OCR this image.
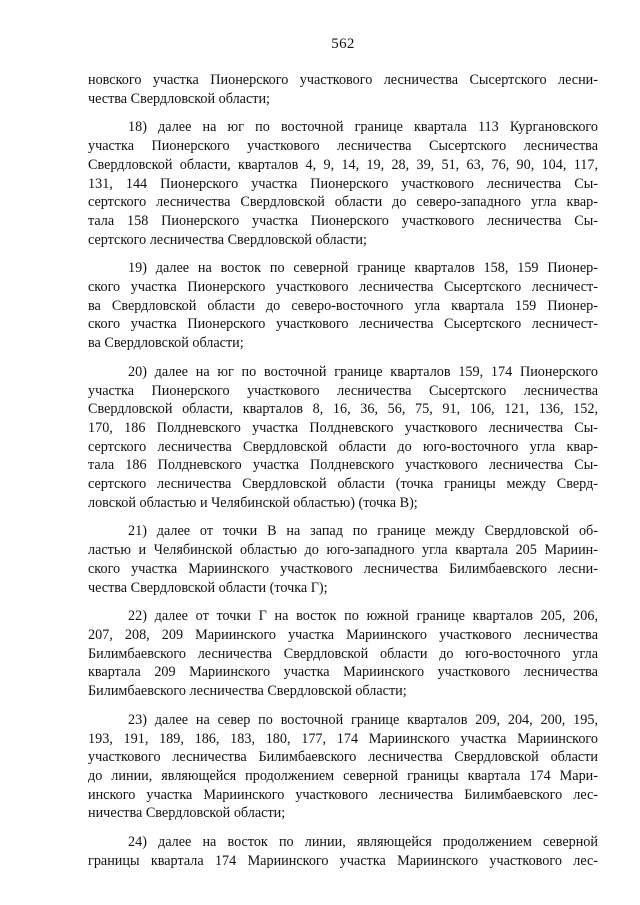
562
новского участка Пионерского участкового лесничества Сысертского лесни-
чества Свердловской области;
18) далее на юг по восточной границе квартала 113 Кургановского
участка Пионерского участкового лесничества Сысертского лесничества
Свердловской области, кварталов 4, 9, 14, 19, 28, 39, 51, 63, 76, 90, 104, 117,
131, 144 Пионерского участка Пионерского участкового лесничества Сы-
сертского лесничества Свердловской области до северо-западного угла квар-
тала 158 Пионерского участка Пионерского участкового лесничества Сы-
сертского лесничества Свердловской области;
19) далее на восток по северной границе кварталов 158, 159 Пионер-
ского участка Пионерского участкового лесничества Сысертского лесничест-
ва Свердловской области до северо-восточного угла квартала 159 Пионер-
ского участка Пионерского участкового лесничества Сысертского лесничест-
ва Свердловской области;
20) далее на юг по восточной границе кварталов 159, 174 Пионерского
участка Пионерского участкового лесничества Сысертского лесничества
Свердловской области, кварталов 8, 16, 36, 56, 75, 91, 106, 121, 136, 152,
170, 186 Полдневского участка Полдневского участкового лесничества Сы-
сертского лесничества Свердловской области до юго-восточного угла квар-
тала 186 Полдневского участка Полдневского участкового лесничества Сы-
сертского лесничества Свердловской области (точка границы между Сверд-
ловской областью и Челябинской областью) (точка В);
21) далее от точки В на запад по границе между Свердловской об-
ластью и Челябинской областью до юго-западного угла квартала 205 Мариин-
ского участка Мариинского участкового лесничества Билимбаевского лесни-
чества Свердловской области (точка Г);
22) далее от точки Г на восток по южной границе кварталов 205, 206,
207, 208, 209 Мариинского участка Мариинского участкового лесничества
Билимбаевского лесничества Свердловской области до юго-восточного угла
квартала 209 Мариинского участка Мариинского участкового лесничества
Билимбаевского лесничества Свердловской области;
23) далее на север по восточной границе кварталов 209, 204, 200, 195,
193, 191, 189, 186, 183, 180, 177, 174 Мариинского участка Мариинского
участкового лесничества Билимбаевского лесничества Свердловской области
до линии, являющейся продолжением северной границы квартала 174 Мари-
инского участка Мариинского участкового лесничества Билимбаевского лес-
ничества Свердловской области;
24) далее на восток по линии, являющейся продолжением северной
границы квартала 174 Мариинского участка Мариинского участкового лес-
